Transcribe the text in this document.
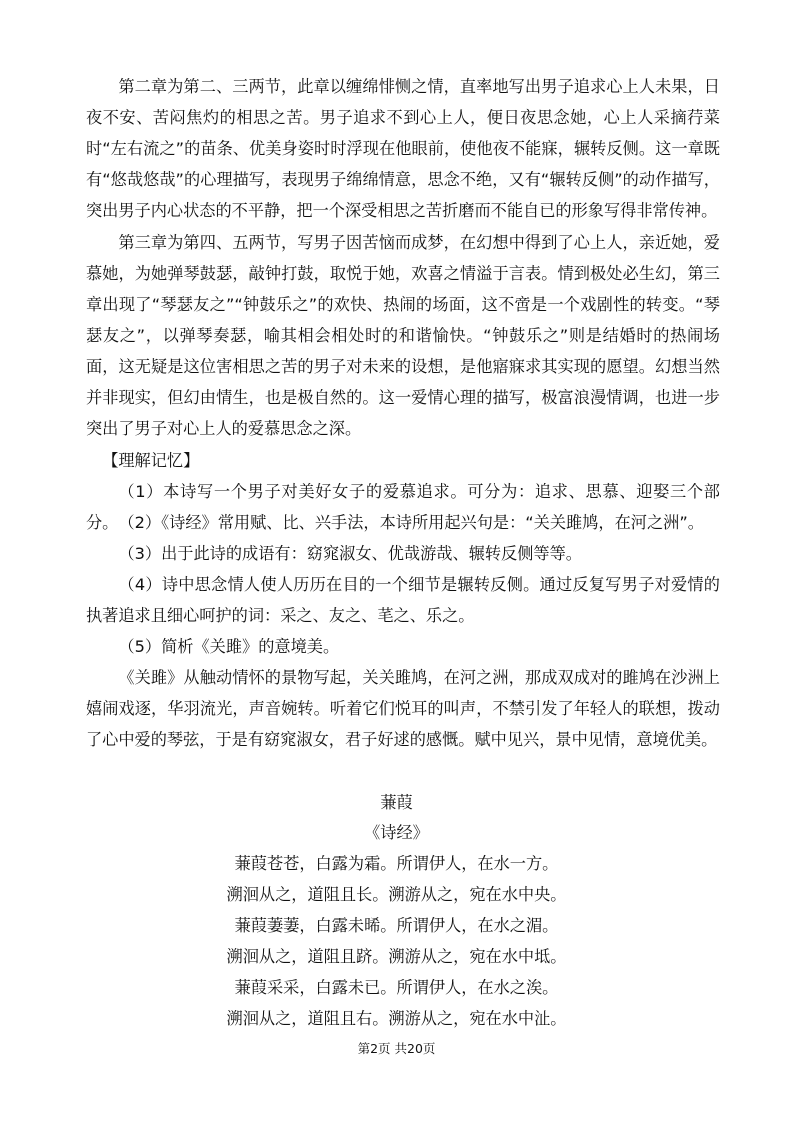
第二章为第二、三两节，此章以缠绵悱恻之情，直率地写出男子追求心上人未果，日夜不安、苦闷焦灼的相思之苦。男子追求不到心上人，便日夜思念她，心上人采摘荇菜时“左右流之”的苗条、优美身姿时时浮现在他眼前，使他夜不能寐，辗转反侧。这一章既有“悠哉悠哉”的心理描写，表现男子绵绵情意，思念不绝，又有“辗转反侧”的动作描写，突出男子内心状态的不平静，把一个深受相思之苦折磨而不能自已的形象写得非常传神。

第三章为第四、五两节，写男子因苦恼而成梦，在幻想中得到了心上人，亲近她，爱慕她，为她弹琴鼓瑟，敲钟打鼓，取悦于她，欢喜之情溢于言表。情到极处必生幻，第三章出现了“琴瑟友之”“钟鼓乐之”的欢快、热闹的场面，这不啻是一个戏剧性的转变。“琴瑟友之”，以弹琴奏瑟，喻其相会相处时的和谐愉快。“钟鼓乐之”则是结婚时的热闹场面，这无疑是这位害相思之苦的男子对未来的设想，是他寤寐求其实现的愿望。幻想当然并非现实，但幻由情生，也是极自然的。这一爱情心理的描写，极富浪漫情调，也进一步突出了男子对心上人的爱慕思念之深。

【理解记忆】

（1）本诗写一个男子对美好女子的爱慕追求。可分为：追求、思慕、迎娶三个部分。 （2）《诗经》常用赋、比、兴手法，本诗所用起兴句是：“关关雎鸠，在河之洲”。

（3）出于此诗的成语有：窈窕淑女、优哉游哉、辗转反侧等等。

（4）诗中思念情人使人历历在目的一个细节是辗转反侧。通过反复写男子对爱情的执著追求且细心呵护的词：采之、友之、芼之、乐之。

（5）简析《关雎》的意境美。

《关雎》从触动情怀的景物写起，关关雎鸠，在河之洲，那成双成对的雎鸠在沙洲上嬉闹戏逐，华羽流光，声音婉转。听着它们悦耳的叫声，不禁引发了年轻人的联想，拨动了心中爱的琴弦，于是有窈窕淑女，君子好逑的感慨。赋中见兴，景中见情，意境优美。

蒹葭

《诗经》

蒹葭苍苍，白露为霜。所谓伊人，在水一方。

溯洄从之，道阻且长。溯游从之，宛在水中央。

蒹葭萋萋，白露未晞。所谓伊人，在水之湄。

溯洄从之，道阻且跻。溯游从之，宛在水中坻。

蒹葭采采，白露未已。所谓伊人，在水之涘。

溯洄从之，道阻且右。溯游从之，宛在水中沚。

第2页 共20页
